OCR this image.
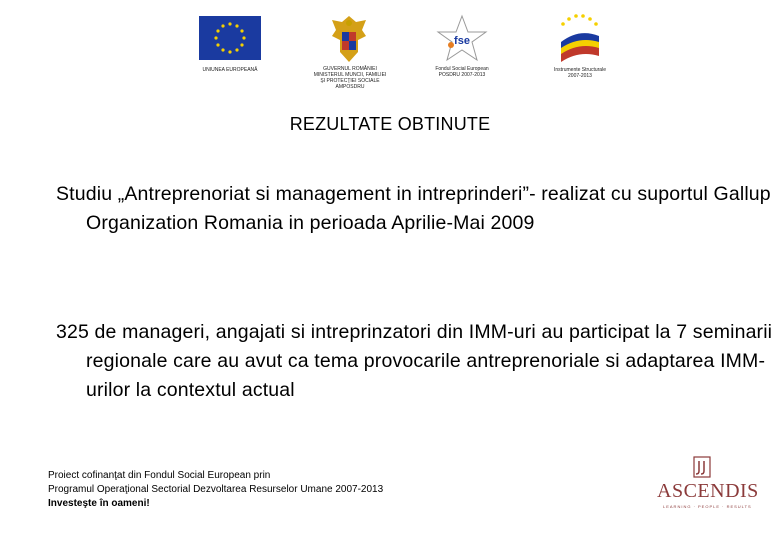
UNIUNEA EUROPEANĂ	GUVERNUL ROMÂNIEI
MINISTERUL MUNCII, FAMILIEI
ŞI PROTECŢIEI SOCIALE
AMPOSDRU
fse
Fondul Social European
POSDRU 2007-2013
Instrumente Structurale
2007-2013
REZULTATE OBTINUTE
Studiu „Antreprenoriat si management in intreprinderi”- realizat cu suportul Gallup Organization Romania in perioada Aprilie-Mai 2009
325 de manageri, angajati si intreprinzatori din IMM-uri au participat la 7 seminarii regionale care au avut ca tema provocarile antreprenoriale si adaptarea IMM-urilor la contextul actual
Proiect cofinanţat din Fondul Social European prin
Programul Operaţional Sectorial Dezvoltarea Resurselor Umane 2007-2013
Investeşte în oameni!
ASCENDIS
LEARNING · PEOPLE · RESULTS
